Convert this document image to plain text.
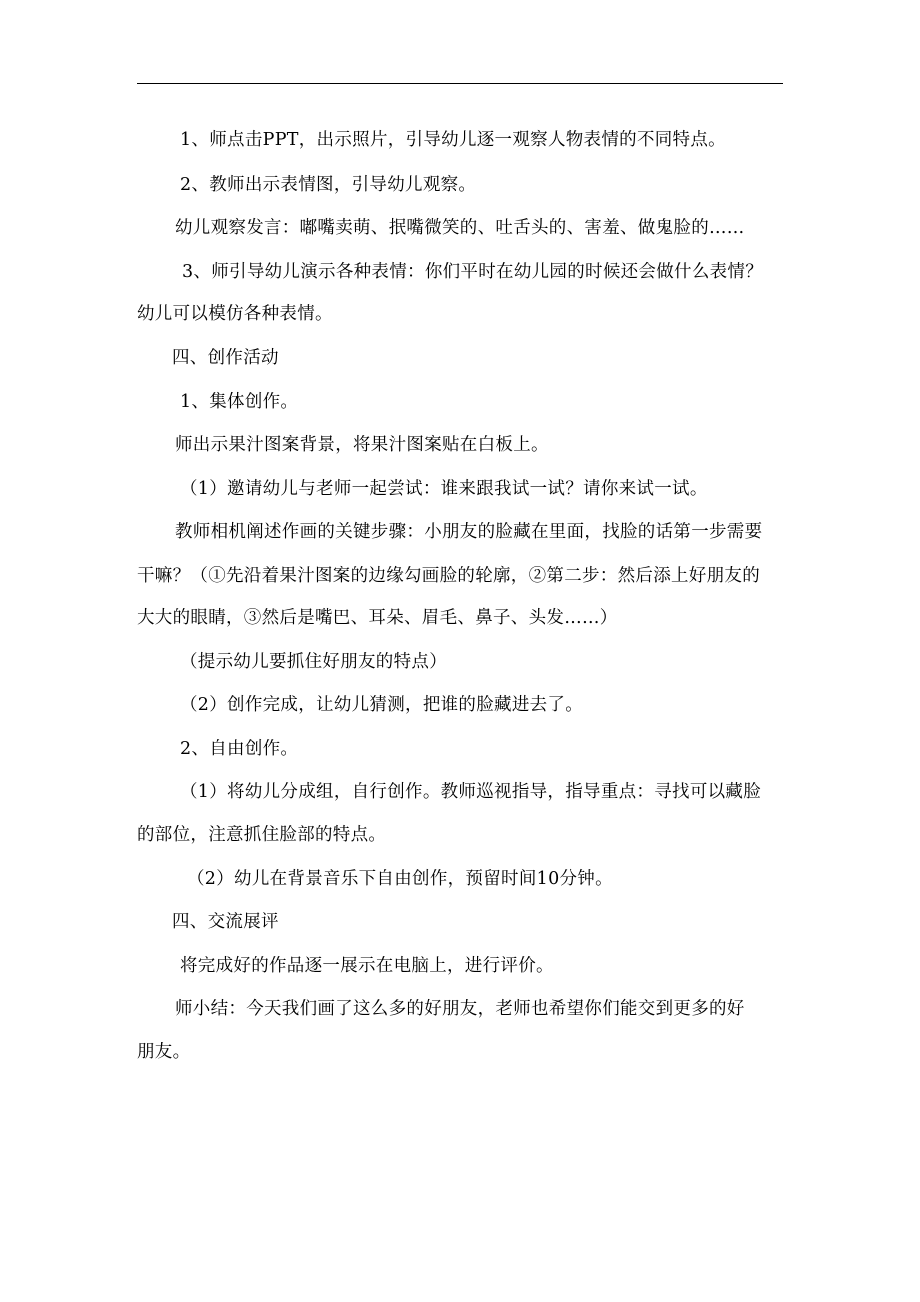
1、师点击PPT，出示照片，引导幼儿逐一观察人物表情的不同特点。
2、教师出示表情图，引导幼儿观察。
幼儿观察发言：嘟嘴卖萌、抿嘴微笑的、吐舌头的、害羞、做鬼脸的……
3、师引导幼儿演示各种表情：你们平时在幼儿园的时候还会做什么表情？
幼儿可以模仿各种表情。
四、创作活动
1、集体创作。
师出示果汁图案背景，将果汁图案贴在白板上。
（1）邀请幼儿与老师一起尝试：谁来跟我试一试？请你来试一试。
教师相机阐述作画的关键步骤：小朋友的脸藏在里面，找脸的话第一步需要
干嘛？（①先沿着果汁图案的边缘勾画脸的轮廓，②第二步：然后添上好朋友的
大大的眼睛，③然后是嘴巴、耳朵、眉毛、鼻子、头发……）
（提示幼儿要抓住好朋友的特点）
（2）创作完成，让幼儿猜测，把谁的脸藏进去了。
2、自由创作。
（1）将幼儿分成组，自行创作。教师巡视指导，指导重点：寻找可以藏脸
的部位，注意抓住脸部的特点。
（2）幼儿在背景音乐下自由创作，预留时间10分钟。
四、交流展评
将完成好的作品逐一展示在电脑上，进行评价。
师小结：今天我们画了这么多的好朋友，老师也希望你们能交到更多的好
朋友。
